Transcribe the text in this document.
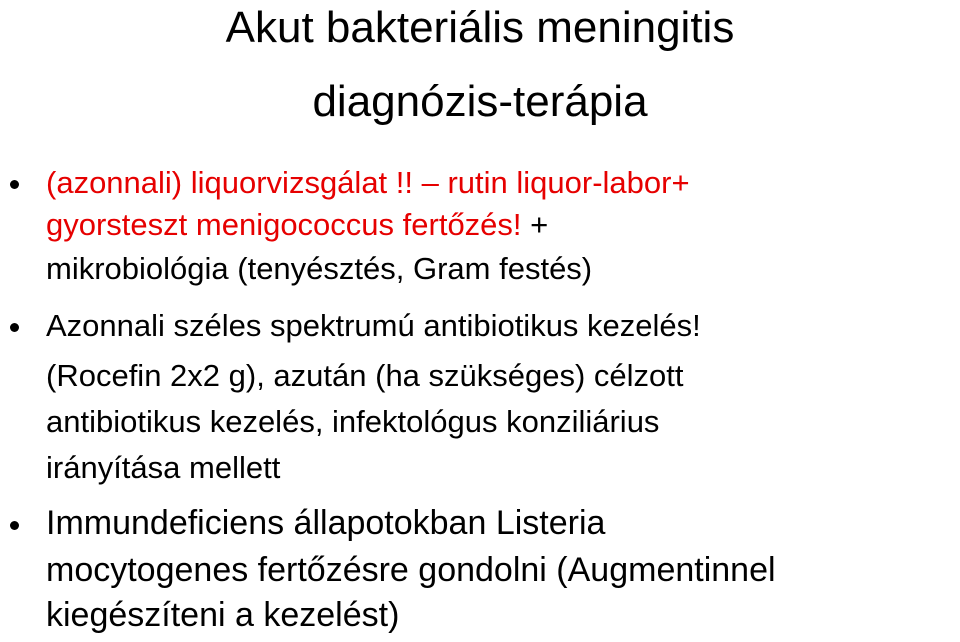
Akut bakteriális meningitis
diagnózis-terápia
(azonnali) liquorvizsgálat !! – rutin liquor-labor+
gyorsteszt menigococcus fertőzés! +
mikrobiológia (tenyésztés, Gram festés)
Azonnali széles spektrumú antibiotikus kezelés!
(Rocefin 2x2 g), azután (ha szükséges) célzott
antibiotikus kezelés, infektológus konziliárius
irányítása mellett
Immundeficiens állapotokban Listeria
mocytogenes fertőzésre gondolni (Augmentinnel
kiegészíteni a kezelést)
